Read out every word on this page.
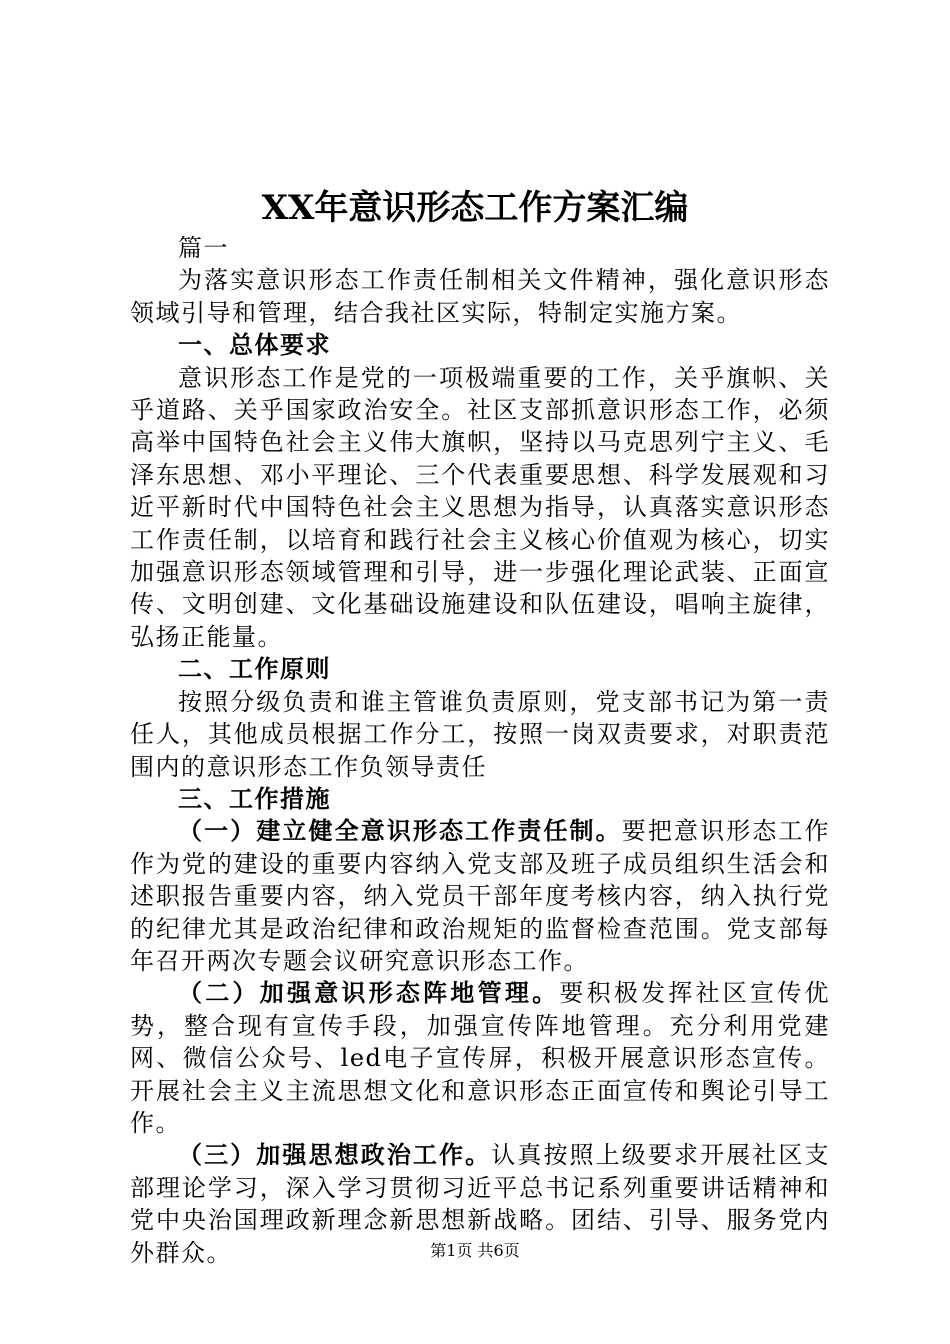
XX年意识形态工作方案汇编

篇一

为落实意识形态工作责任制相关文件精神，强化意识形态领域引导和管理，结合我社区实际，特制定实施方案。

一、总体要求

意识形态工作是党的一项极端重要的工作，关乎旗帜、关乎道路、关乎国家政治安全。社区支部抓意识形态工作，必须高举中国特色社会主义伟大旗帜，坚持以马克思列宁主义、毛泽东思想、邓小平理论、三个代表重要思想、科学发展观和习近平新时代中国特色社会主义思想为指导，认真落实意识形态工作责任制，以培育和践行社会主义核心价值观为核心，切实加强意识形态领域管理和引导，进一步强化理论武装、正面宣传、文明创建、文化基础设施建设和队伍建设，唱响主旋律，弘扬正能量。

二、工作原则

按照分级负责和谁主管谁负责原则，党支部书记为第一责任人，其他成员根据工作分工，按照一岗双责要求，对职责范围内的意识形态工作负领导责任

三、工作措施

（一）建立健全意识形态工作责任制。要把意识形态工作作为党的建设的重要内容纳入党支部及班子成员组织生活会和述职报告重要内容，纳入党员干部年度考核内容，纳入执行党的纪律尤其是政治纪律和政治规矩的监督检查范围。党支部每年召开两次专题会议研究意识形态工作。

（二）加强意识形态阵地管理。要积极发挥社区宣传优势，整合现有宣传手段，加强宣传阵地管理。充分利用党建网、微信公众号、led电子宣传屏，积极开展意识形态宣传。开展社会主义主流思想文化和意识形态正面宣传和舆论引导工作。

（三）加强思想政治工作。认真按照上级要求开展社区支部理论学习，深入学习贯彻习近平总书记系列重要讲话精神和党中央治国理政新理念新思想新战略。团结、引导、服务党内外群众。	第1页 共6页
